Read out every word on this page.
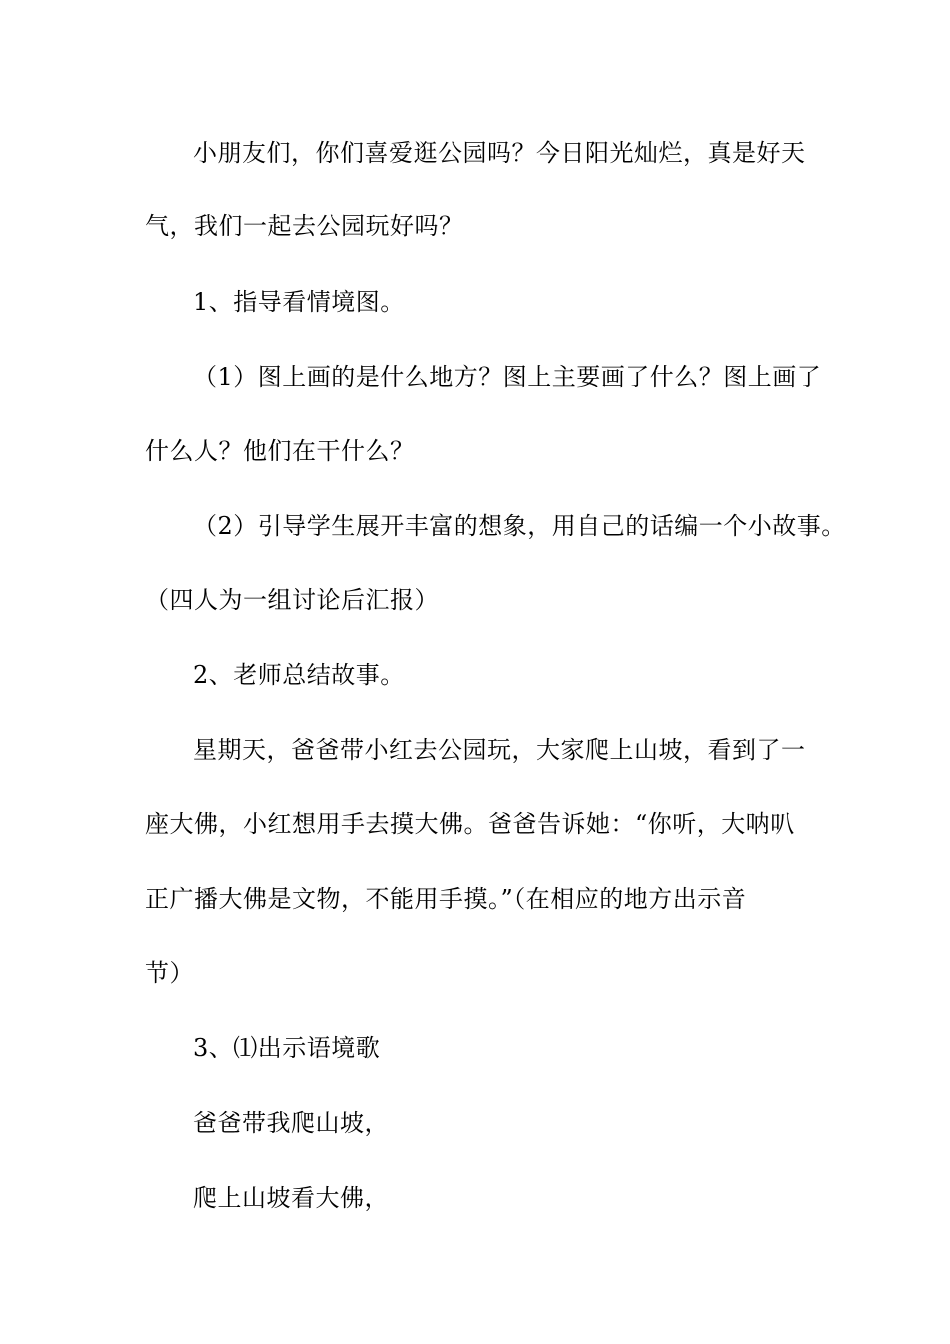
小朋友们，你们喜爱逛公园吗？今日阳光灿烂，真是好天
气，我们一起去公园玩好吗？
1、指导看情境图。
（1）图上画的是什么地方？图上主要画了什么？图上画了
什么人？他们在干什么？
（2）引导学生展开丰富的想象，用自己的话编一个小故事。
（四人为一组讨论后汇报）
2、老师总结故事。
星期天，爸爸带小红去公园玩，大家爬上山坡，看到了一
座大佛，小红想用手去摸大佛。爸爸告诉她：“你听，大呐叭
正广播大佛是文物，不能用手摸。”（在相应的地方出示音
节）
3、⑴出示语境歌
爸爸带我爬山坡，
爬上山坡看大佛，
